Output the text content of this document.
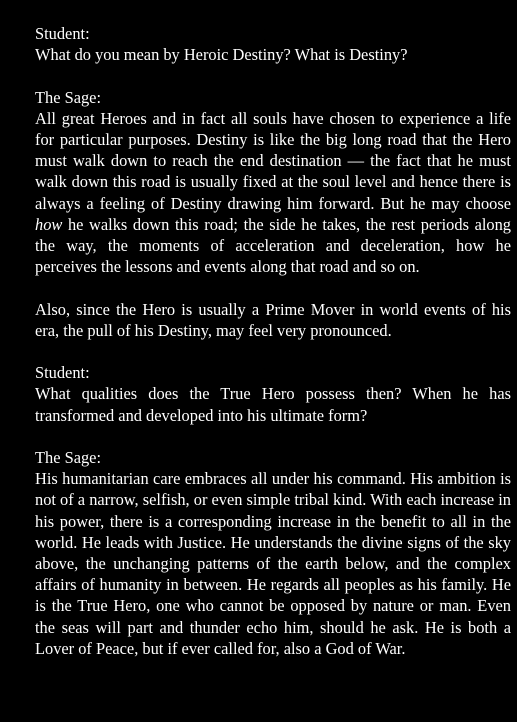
Student:
What do you mean by Heroic Destiny? What is Destiny?
The Sage:
All great Heroes and in fact all souls have chosen to experience a life for particular purposes. Destiny is like the big long road that the Hero must walk down to reach the end destination — the fact that he must walk down this road is usually fixed at the soul level and hence there is always a feeling of Destiny drawing him forward. But he may choose how he walks down this road; the side he takes, the rest periods along the way, the moments of acceleration and deceleration, how he perceives the lessons and events along that road and so on.
Also, since the Hero is usually a Prime Mover in world events of his era, the pull of his Destiny, may feel very pronounced.
Student:
What qualities does the True Hero possess then? When he has transformed and developed into his ultimate form?
The Sage:
His humanitarian care embraces all under his command. His ambition is not of a narrow, selfish, or even simple tribal kind. With each increase in his power, there is a corresponding increase in the benefit to all in the world. He leads with Justice. He understands the divine signs of the sky above, the unchanging patterns of the earth below, and the complex affairs of humanity in between. He regards all peoples as his family. He is the True Hero, one who cannot be opposed by nature or man. Even the seas will part and thunder echo him, should he ask. He is both a Lover of Peace, but if ever called for, also a God of War.
